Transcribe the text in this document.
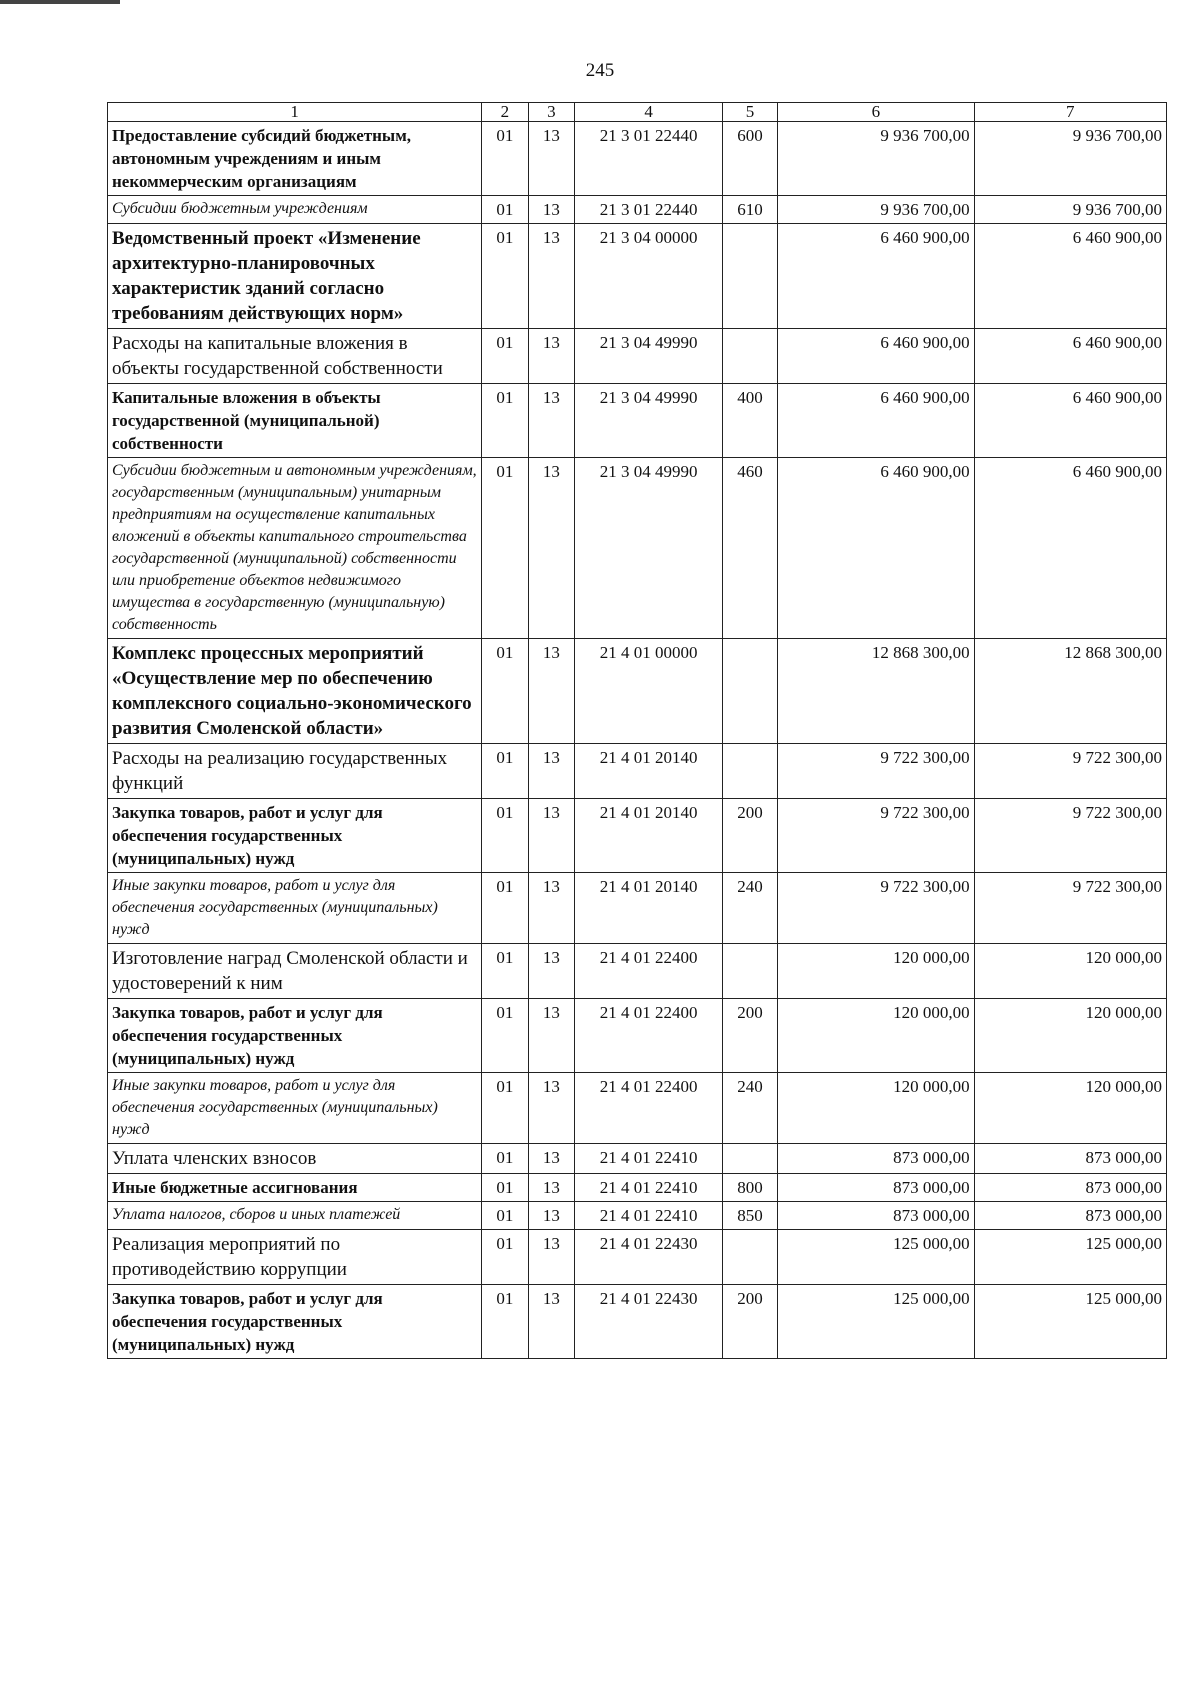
245
1	2	3	4	5	6	7
Предоставление субсидий бюджетным, автономным учреждениям и иным некоммерческим организациям	01	13	21 3 01 22440	600	9 936 700,00	9 936 700,00
Субсидии бюджетным учреждениям	01	13	21 3 01 22440	610	9 936 700,00	9 936 700,00
Ведомственный проект «Изменение архитектурно-планировочных характеристик зданий согласно требованиям действующих норм»	01	13	21 3 04 00000		6 460 900,00	6 460 900,00
Расходы на капитальные вложения в объекты государственной собственности	01	13	21 3 04 49990		6 460 900,00	6 460 900,00
Капитальные вложения в объекты государственной (муниципальной) собственности	01	13	21 3 04 49990	400	6 460 900,00	6 460 900,00
Субсидии бюджетным и автономным учреждениям, государственным (муниципальным) унитарным предприятиям на осуществление капитальных вложений в объекты капитального строительства государственной (муниципальной) собственности или приобретение объектов недвижимого имущества в государственную (муниципальную) собственность	01	13	21 3 04 49990	460	6 460 900,00	6 460 900,00
Комплекс процессных мероприятий «Осуществление мер по обеспечению комплексного социально-экономического развития Смоленской области»	01	13	21 4 01 00000		12 868 300,00	12 868 300,00
Расходы на реализацию государственных функций	01	13	21 4 01 20140		9 722 300,00	9 722 300,00
Закупка товаров, работ и услуг для обеспечения государственных (муниципальных) нужд	01	13	21 4 01 20140	200	9 722 300,00	9 722 300,00
Иные закупки товаров, работ и услуг для обеспечения государственных (муниципальных) нужд	01	13	21 4 01 20140	240	9 722 300,00	9 722 300,00
Изготовление наград Смоленской области и удостоверений к ним	01	13	21 4 01 22400		120 000,00	120 000,00
Закупка товаров, работ и услуг для обеспечения государственных (муниципальных) нужд	01	13	21 4 01 22400	200	120 000,00	120 000,00
Иные закупки товаров, работ и услуг для обеспечения государственных (муниципальных) нужд	01	13	21 4 01 22400	240	120 000,00	120 000,00
Уплата членских взносов	01	13	21 4 01 22410		873 000,00	873 000,00
Иные бюджетные ассигнования	01	13	21 4 01 22410	800	873 000,00	873 000,00
Уплата налогов, сборов и иных платежей	01	13	21 4 01 22410	850	873 000,00	873 000,00
Реализация мероприятий по противодействию коррупции	01	13	21 4 01 22430		125 000,00	125 000,00
Закупка товаров, работ и услуг для обеспечения государственных (муниципальных) нужд	01	13	21 4 01 22430	200	125 000,00	125 000,00
